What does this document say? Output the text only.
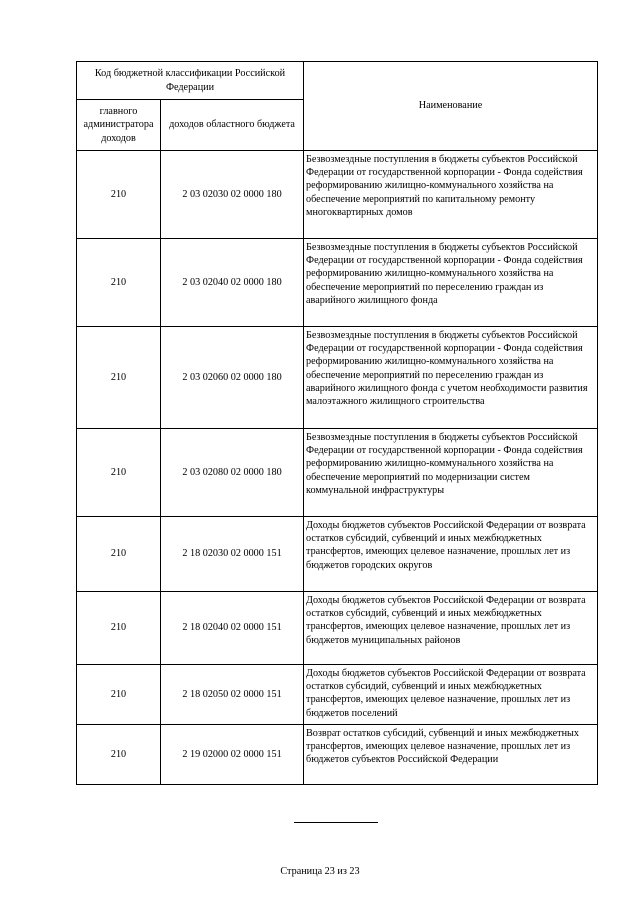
Код бюджетной классификации Российской Федерации		Наименование
главного администратора доходов	доходов областного бюджета	
210	2 03 02030 02 0000 180	Безвозмездные поступления в бюджеты субъектов Российской Федерации от государственной корпорации - Фонда содействия реформированию жилищно-коммунального хозяйства на обеспечение мероприятий по капитальному ремонту многоквартирных домов
210	2 03 02040 02 0000 180	Безвозмездные поступления в бюджеты субъектов Российской Федерации от государственной корпорации - Фонда содействия реформированию жилищно-коммунального хозяйства на обеспечение мероприятий по переселению граждан из аварийного жилищного фонда
210	2 03 02060 02 0000 180	Безвозмездные поступления в бюджеты субъектов Российской Федерации от государственной корпорации - Фонда содействия реформированию жилищно-коммунального хозяйства на обеспечение мероприятий по переселению граждан из аварийного жилищного фонда с учетом необходимости развития малоэтажного жилищного строительства
210	2 03 02080 02 0000 180	Безвозмездные поступления в бюджеты субъектов Российской Федерации от государственной корпорации - Фонда содействия реформированию жилищно-коммунального хозяйства на обеспечение мероприятий по модернизации систем коммунальной инфраструктуры
210	2 18 02030 02 0000 151	Доходы бюджетов субъектов Российской Федерации от возврата остатков субсидий, субвенций и иных межбюджетных трансфертов, имеющих целевое назначение, прошлых лет из бюджетов городских округов
210	2 18 02040 02 0000 151	Доходы бюджетов субъектов Российской Федерации от возврата остатков субсидий, субвенций и иных межбюджетных трансфертов, имеющих целевое назначение, прошлых лет из бюджетов муниципальных районов
210	2 18 02050 02 0000 151	Доходы бюджетов субъектов Российской Федерации от возврата остатков субсидий, субвенций и иных межбюджетных трансфертов, имеющих целевое назначение, прошлых лет из бюджетов поселений
210	2 19 02000 02 0000 151	Возврат остатков субсидий, субвенций и иных межбюджетных трансфертов, имеющих целевое назначение, прошлых лет из бюджетов субъектов Российской Федерации
Страница 23 из 23
